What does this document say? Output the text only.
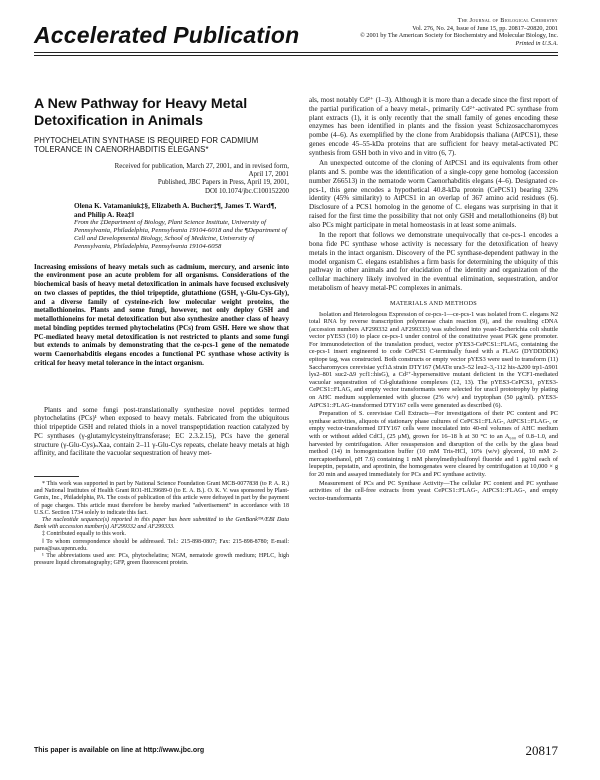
Accelerated Publication
The Journal of Biological Chemistry
Vol. 276, No. 24, Issue of June 15, pp. 20817–20820, 2001
© 2001 by The American Society for Biochemistry and Molecular Biology, Inc.
Printed in U.S.A.
A New Pathway for Heavy Metal Detoxification in Animals
PHYTOCHELATIN SYNTHASE IS REQUIRED FOR CADMIUM TOLERANCE IN CAENORHABDITIS ELEGANS*
Received for publication, March 27, 2001, and in revised form,
April 17, 2001
Published, JBC Papers in Press, April 19, 2001,
DOI 10.1074/jbc.C100152200
Olena K. Vatamaniuk‡§, Elizabeth A. Bucher‡¶, James T. Ward¶, and Philip A. Rea‡‖
From the ‡Department of Biology, Plant Science Institute, University of Pennsylvania, Philadelphia, Pennsylvania 19104-6018 and the ¶Department of Cell and Developmental Biology, School of Medicine, University of Pennsylvania, Philadelphia, Pennsylvania 19104-6058
Increasing emissions of heavy metals such as cadmium, mercury, and arsenic into the environment pose an acute problem for all organisms. Considerations of the biochemical basis of heavy metal detoxification in animals have focused exclusively on two classes of peptides, the thiol tripeptide, glutathione (GSH, γ-Glu-Cys-Gly), and a diverse family of cysteine-rich low molecular weight proteins, the metallothioneins. Plants and some fungi, however, not only deploy GSH and metallothioneins for metal detoxification but also synthesize another class of heavy metal binding peptides termed phytochelatins (PCs) from GSH. Here we show that PC-mediated heavy metal detoxification is not restricted to plants and some fungi but extends to animals by demonstrating that the ce-pcs-1 gene of the nematode worm Caenorhabditis elegans encodes a functional PC synthase whose activity is critical for heavy metal tolerance in the intact organism.
Plants and some fungi post-translationally synthesize novel peptides termed phytochelatins (PCs)¹ when exposed to heavy metals. Fabricated from the ubiquitous thiol tripeptide GSH and related thiols in a novel transpeptidation reaction catalyzed by PC synthases (γ-glutamylcysteinyltransferase; EC 2.3.2.15), PCs have the general structure (γ-Glu-Cys)ₙXaa, contain 2–11 γ-Glu-Cys repeats, chelate heavy metals at high affinity, and facilitate the vacuolar sequestration of heavy met-

* This work was supported in part by National Science Foundation Grant MCB-0077838 (to P. A. R.) and National Institutes of Health Grant RO1-HL39689-0 (to E. A. B.). O. K. V. was sponsored by Plant-Genix, Inc., Philadelphia, PA. The costs of publication of this article were defrayed in part by the payment of page charges. This article must therefore be hereby marked "advertisement" in accordance with 18 U.S.C. Section 1734 solely to indicate this fact.

The nucleotide sequence(s) reported in this paper has been submitted to the GenBank™/EBI Data Bank with accession number(s) AF299332 and AF299333.

‡ Contributed equally to this work.

‖ To whom correspondence should be addressed. Tel.: 215-898-0807; Fax: 215-898-8780; E-mail: parea@sas.upenn.edu.

¹ The abbreviations used are: PCs, phytochelatins; NGM, nematode growth medium; HPLC, high pressure liquid chromatography; GFP, green fluorescent protein.

als, most notably Cd²⁺ (1–3). Although it is more than a decade since the first report of the partial purification of a heavy metal-, primarily Cd²⁺-activated PC synthase from plant extracts (1), it is only recently that the small family of genes encoding these enzymes has been identified in plants and the fission yeast Schizosaccharomyces pombe (4–6). As exemplified by the clone from Arabidopsis thaliana (AtPCS1), these genes encode 45–55-kDa proteins that are sufficient for heavy metal-activated PC synthesis from GSH both in vivo and in vitro (6, 7).

An unexpected outcome of the cloning of AtPCS1 and its equivalents from other plants and S. pombe was the identification of a single-copy gene homolog (accession number Z66513) in the nematode worm Caenorhabditis elegans (4–6). Designated ce-pcs-1, this gene encodes a hypothetical 40.8-kDa protein (CePCS1) bearing 32% identity (45% similarity) to AtPCS1 in an overlap of 367 amino acid residues (6). Disclosure of a PCS1 homolog in the genome of C. elegans was surprising in that it raised for the first time the possibility that not only GSH and metallothioneins (8) but also PCs might participate in metal homeostasis in at least some animals.

In the report that follows we demonstrate unequivocally that ce-pcs-1 encodes a bona fide PC synthase whose activity is necessary for the detoxification of heavy metals in the intact organism. Discovery of the PC synthase-dependent pathway in the model organism C. elegans establishes a firm basis for determining the ubiquity of this pathway in other animals and for elucidation of the identity and organization of the cellular machinery likely involved in the eventual elimination, sequestration, and/or metabolism of heavy metal-PC complexes in animals.

MATERIALS AND METHODS

Isolation and Heterologous Expression of ce-pcs-1—ce-pcs-1 was isolated from C. elegans N2 total RNA by reverse transcription polymerase chain reaction (9), and the resulting cDNA (accession numbers AF299332 and AF299333) was subcloned into yeast-Escherichia coli shuttle vector pYES3 (10) to place ce-pcs-1 under control of the constitutive yeast PGK gene promoter. For immunodetection of the translation product, vector pYES3-CePCS1::FLAG, containing the ce-pcs-1 insert engineered to code CePCS1 C-terminally fused with a FLAG (DYDDDDK) epitope tag, was constructed. Both constructs or empty vector pYES3 were used to transform (11) Saccharomyces cerevisiae ycf1Δ strain DTY167 (MATα ura3–52 leu2–3,-112 his-Δ200 trp1-Δ901 lys2–801 suc2-Δ9 ycf1::hisG), a Cd²⁺-hypersensitive mutant deficient in the YCF1-mediated vacuolar sequestration of Cd-glutathione complexes (12, 13). The pYES3-CePCS1, pYES3-CePCS1::FLAG, and empty vector transformants were selected for uracil prototrophy by plating on AHC medium supplemented with glucose (2% w/v) and tryptophan (50 μg/ml). pYES3-AtPCS1::FLAG-transformed DTY167 cells were generated as described (6).

Preparation of S. cerevisiae Cell Extracts—For investigations of their PC content and PC synthase activities, aliquots of stationary phase cultures of CePCS1::FLAG-, AtPCS1::FLAG-, or empty vector-transformed DTY167 cells were inoculated into 40-ml volumes of AHC medium with or without added CdCl₂ (25 μM), grown for 16–18 h at 30 °C to an A₆₀₀ of 0.8–1.0, and harvested by centrifugation. After resuspension and disruption of the cells by the glass bead method (14) in homogenization buffer (10 mM Tris-HCl, 10% (w/v) glycerol, 10 mM 2-mercaptoethanol, pH 7.6) containing 1 mM phenylmethylsulfonyl fluoride and 1 μg/ml each of leupeptin, pepstatin, and aprotinin, the homogenates were cleared by centrifugation at 10,000 × g for 20 min and assayed immediately for PCs and PC synthase activity.

Measurement of PCs and PC Synthase Activity—The cellular PC content and PC synthase activities of the cell-free extracts from yeast CePCS1::FLAG-, AtPCS1::FLAG-, and empty vector-transformants

This paper is available on line at http://www.jbc.org	20817
